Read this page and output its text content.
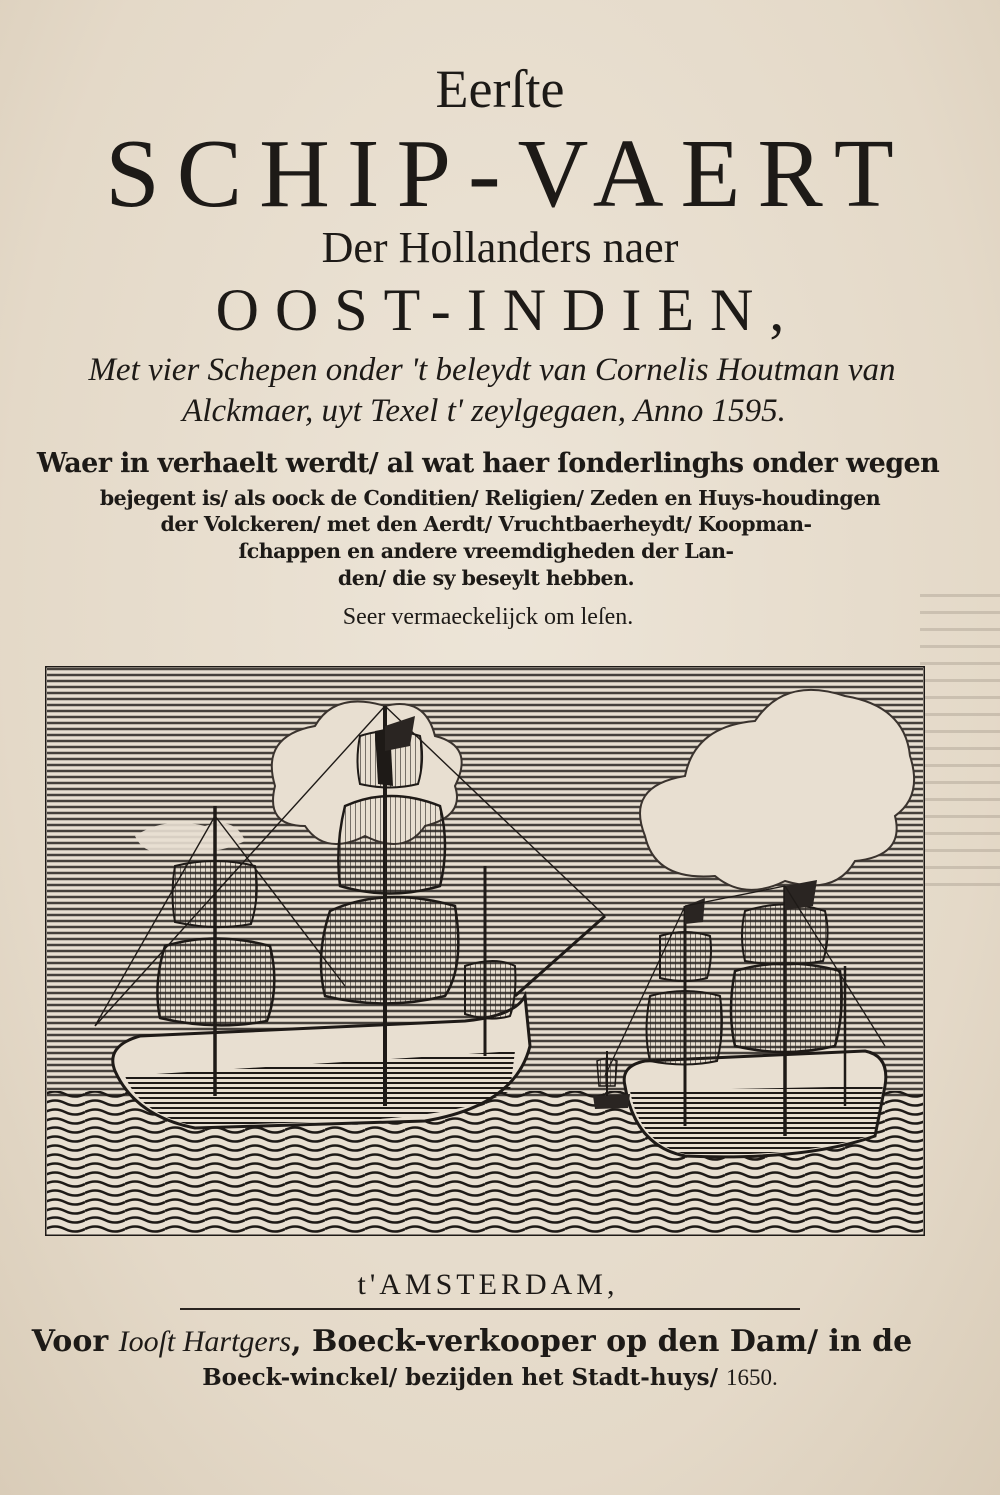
Eerſte
SCHIP-VAERT
Der Hollanders naer
OOST-INDIEN,
Met vier Schepen onder 't beleydt van Cornelis Houtman van
Alckmaer, uyt Texel t' zeylgegaen, Anno 1595.
Waer in verhaelt werdt/ al wat haer ſonderlinghs onder wegen
bejegent is/ als oock de Conditien/ Religien/ Zeden en Huys-houdingen
der Volckeren/ met den Aerdt/ Vruchtbaerheydt/ Koopman-
ſchappen en andere vreemdigheden der Lan-
den/ die sy beseylt hebben.
Seer vermaeckelijck om leſen.
t'AMSTERDAM,
Voor Iooſt Hartgers, Boeck-verkooper op den Dam/ in de
Boeck-winckel/ bezijden het Stadt-huys/ 1650.
